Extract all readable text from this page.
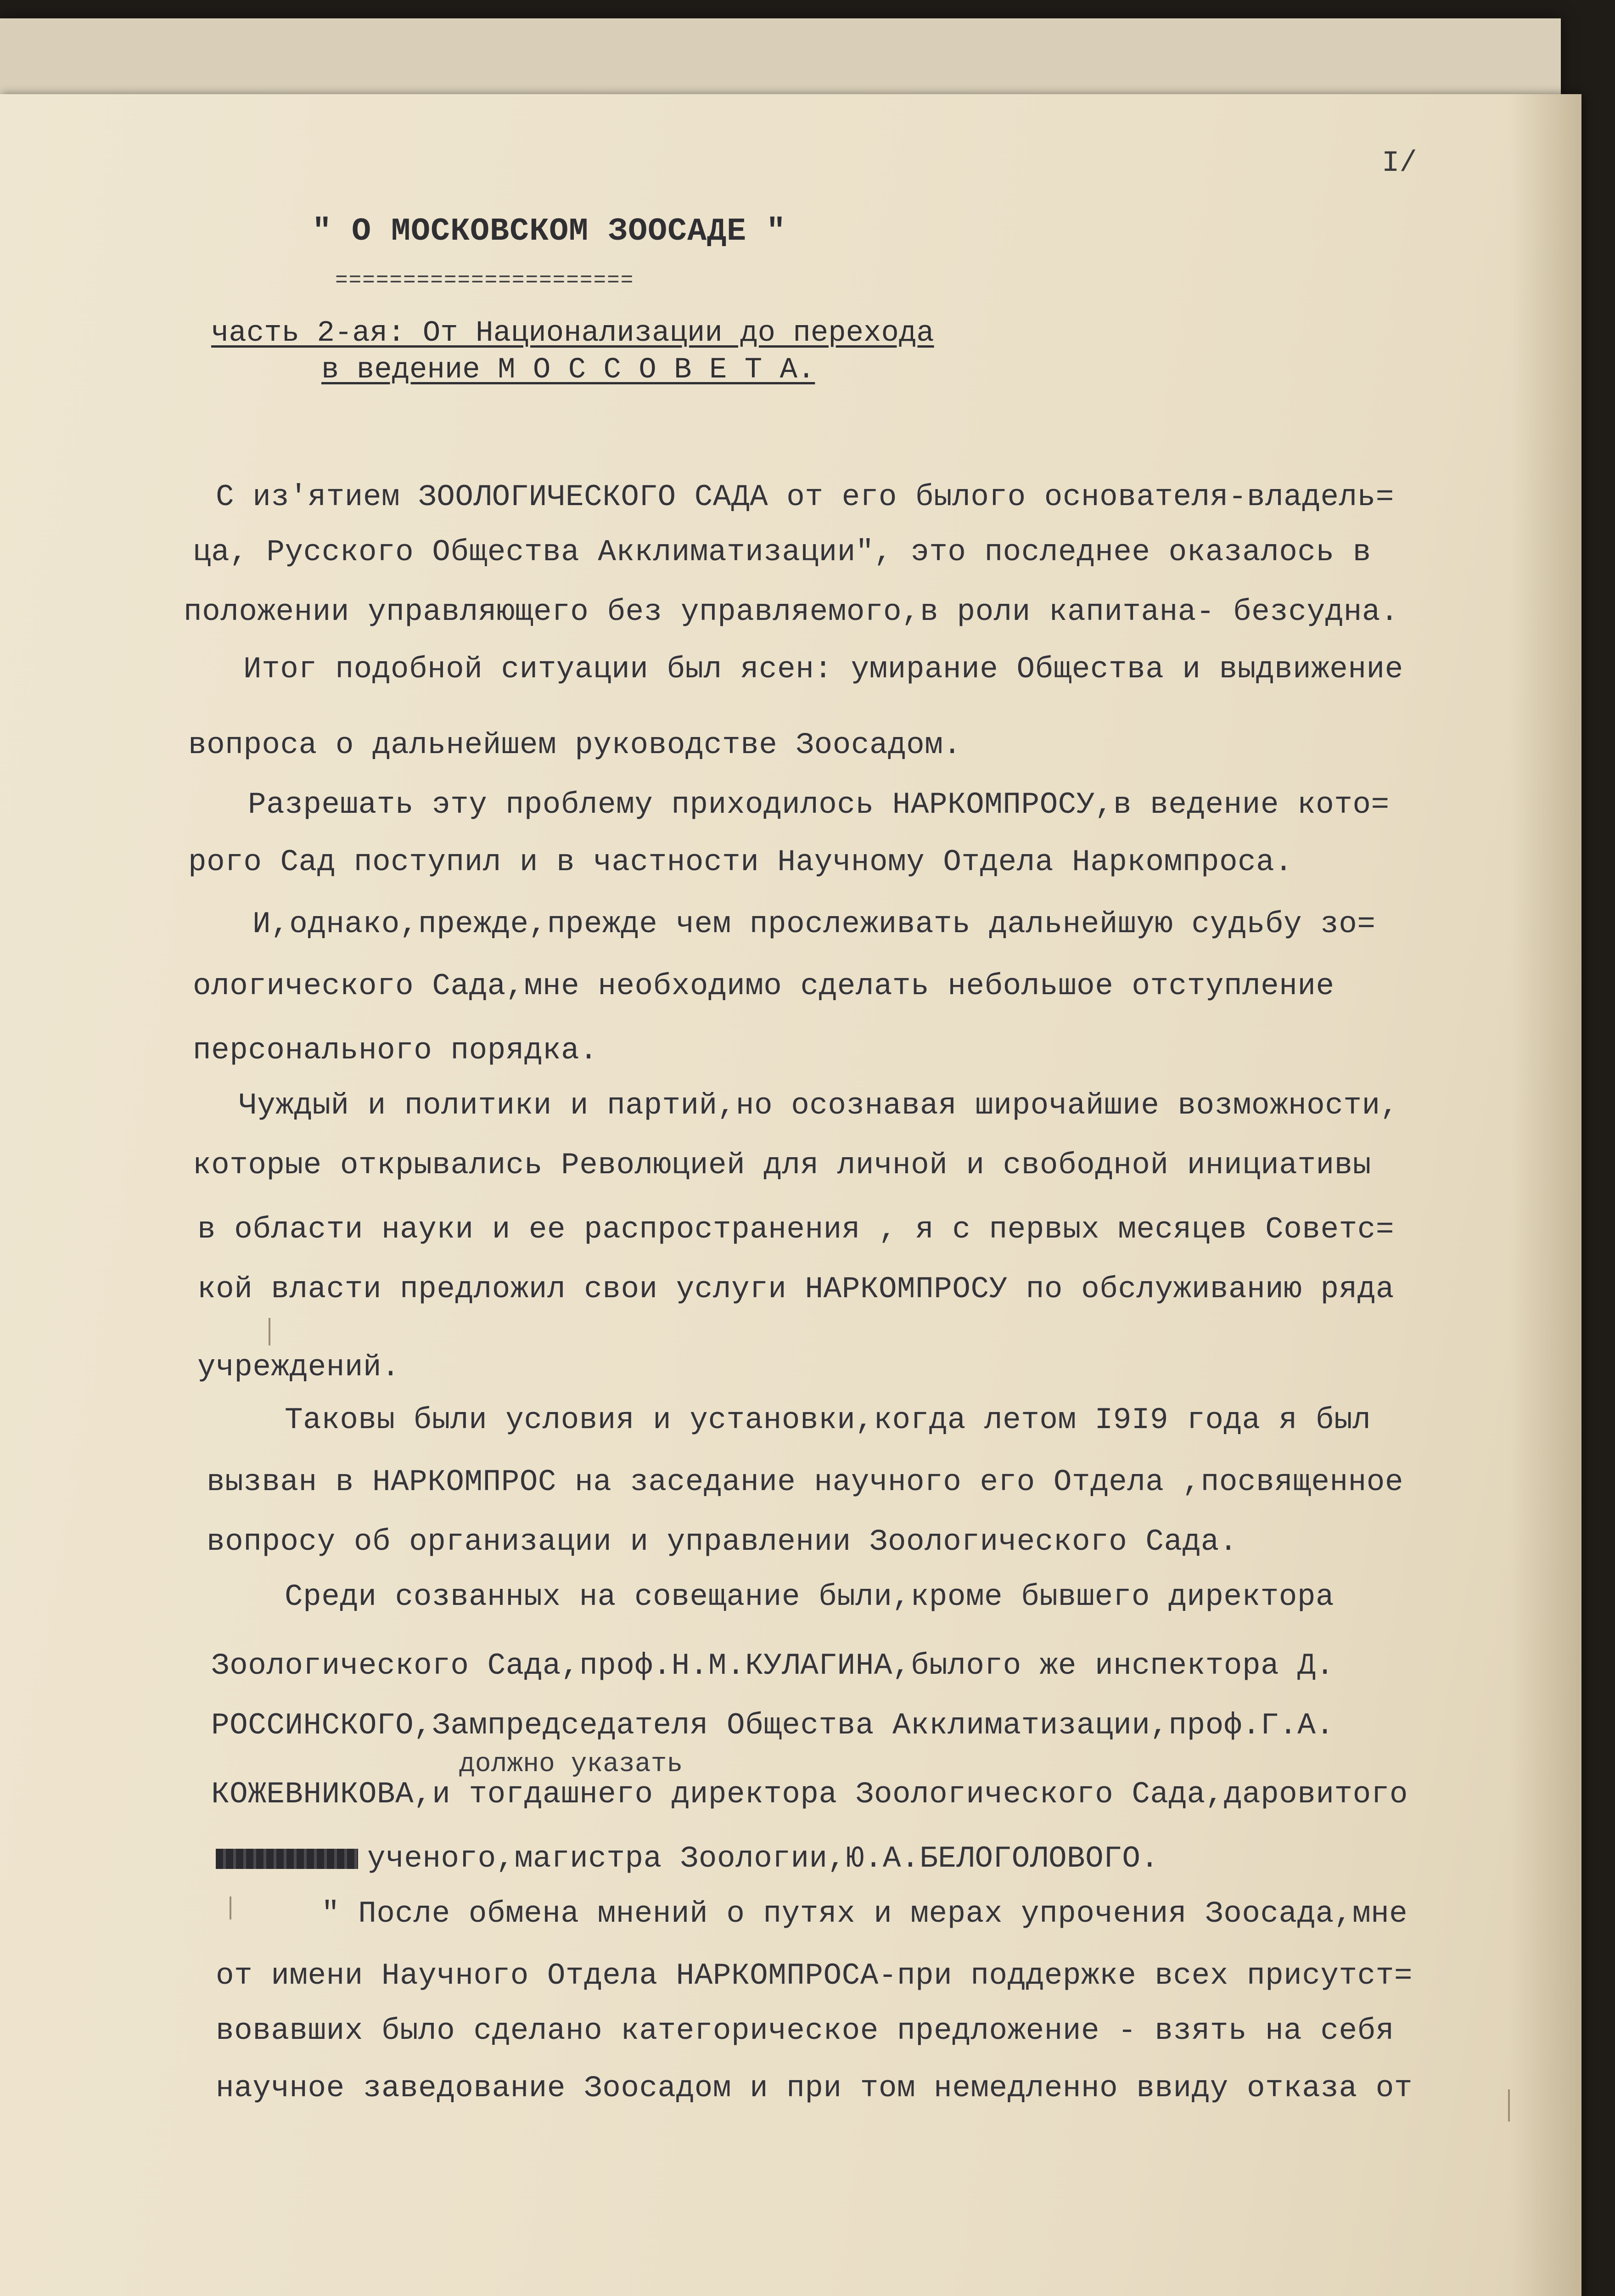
I/
" О МОСКОВСКОМ ЗООСАДЕ "
======================
часть 2-ая: От Национализации до перехода
в ведение М О С С О В Е Т А.
должно указать
С из'ятием ЗООЛОГИЧЕСКОГО САДА от его былого основателя-владель=
ца, Русского Общества Акклиматизации", это последнее оказалось в
положении управляющего без управляемого,в роли капитана- безсудна.
Итог подобной ситуации был ясен: умирание Общества и выдвижение
вопроса о дальнейшем руководстве Зоосадом.
Разрешать эту проблему приходилось НАРКОМПРОСУ,в ведение кото=
рого Сад поступил и в частности Научному Отдела Наркомпроса.
И,однако,прежде,прежде чем прослеживать дальнейшую судьбу зо=
ологического Сада,мне необходимо сделать небольшое отступление
персонального порядка.
Чуждый и политики и партий,но осознавая широчайшие возможности,
которые открывались Революцией для личной и свободной инициативы
в области науки и ее распространения , я с первых месяцев Советс=
кой власти предложил свои услуги НАРКОМПРОСУ по обслуживанию ряда
учреждений.
Таковы были условия и установки,когда летом I9I9 года я был
вызван в НАРКОМПРОС на заседание научного его Отдела ,посвященное
вопросу об организации и управлении Зоологического Сада.
Среди созванных на совещание были,кроме бывшего директора
Зоологического Сада,проф.Н.М.КУЛАГИНА,былого же инспектора Д.
РОССИНСКОГО,Зампредседателя Общества Акклиматизации,проф.Г.А.
КОЖЕВНИКОВА,и тогдашнего директора Зоологического Сада,даровитого
ученого,магистра Зоологии,Ю.А.БЕЛОГОЛОВОГО.
" После обмена мнений о путях и мерах упрочения Зоосада,мне
от имени Научного Отдела НАРКОМПРОСА-при поддержке всех присутст=
вовавших было сделано категорическое предложение - взять на себя
научное заведование Зоосадом и при том немедленно ввиду отказа от
